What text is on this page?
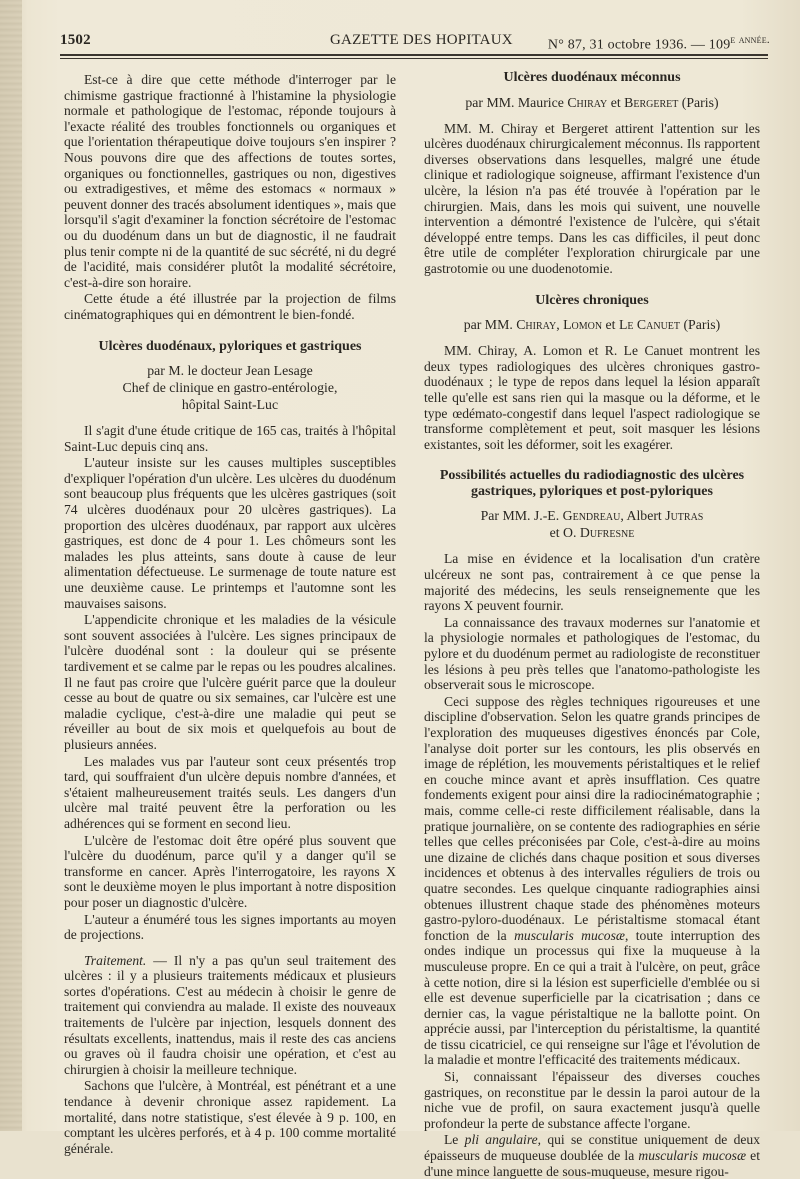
1502	GAZETTE DES HOPITAUX	N° 87, 31 octobre 1936. — $109^{e année.}$

Est-ce à dire que cette méthode d'interroger par le chimisme gastrique fractionné à l'histamine la physiologie normale et pathologique de l'estomac, réponde toujours à l'exacte réalité des troubles fonctionnels ou organiques et que l'orientation thérapeutique doive toujours s'en inspirer ? Nous pouvons dire que des affections de toutes sortes, organiques ou fonctionnelles, gastriques ou non, digestives ou extradigestives, et même des estomacs « normaux » peuvent donner des tracés absolument identiques », mais que lorsqu'il s'agit d'examiner la fonction sécrétoire de l'estomac ou du duodénum dans un but de diagnostic, il ne faudrait plus tenir compte ni de la quantité de suc sécrété, ni du degré de l'acidité, mais considérer plutôt la modalité sécrétoire, c'est-à-dire son horaire.

Cette étude a été illustrée par la projection de films cinématographiques qui en démontrent le bien-fondé.

Ulcères duodénaux, pyloriques et gastriques
par M. le docteur Jean Lesage
Chef de clinique en gastro-entérologie,
hôpital Saint-Luc

Il s'agit d'une étude critique de 165 cas, traités à l'hôpital Saint-Luc depuis cinq ans.

L'auteur insiste sur les causes multiples susceptibles d'expliquer l'opération d'un ulcère. Les ulcères du duodénum sont beaucoup plus fréquents que les ulcères gastriques (soit 74 ulcères duodénaux pour 20 ulcères gastriques). La proportion des ulcères duodénaux, par rapport aux ulcères gastriques, est donc de 4 pour 1. Les chômeurs sont les malades les plus atteints, sans doute à cause de leur alimentation défectueuse. Le surmenage de toute nature est une deuxième cause. Le printemps et l'automne sont les mauvaises saisons.

L'appendicite chronique et les maladies de la vésicule sont souvent associées à l'ulcère. Les signes principaux de l'ulcère duodénal sont : la douleur qui se présente tardivement et se calme par le repas ou les poudres alcalines. Il ne faut pas croire que l'ulcère guérit parce que la douleur cesse au bout de quatre ou six semaines, car l'ulcère est une maladie cyclique, c'est-à-dire une maladie qui peut se réveiller au bout de six mois et quelquefois au bout de plusieurs années.

Les malades vus par l'auteur sont ceux présentés trop tard, qui souffraient d'un ulcère depuis nombre d'années, et s'étaient malheureusement traités seuls. Les dangers d'un ulcère mal traité peuvent être la perforation ou les adhérences qui se forment en second lieu.

L'ulcère de l'estomac doit être opéré plus souvent que l'ulcère du duodénum, parce qu'il y a danger qu'il se transforme en cancer. Après l'interrogatoire, les rayons X sont le deuxième moyen le plus important à notre disposition pour poser un diagnostic d'ulcère.

L'auteur a énuméré tous les signes importants au moyen de projections.

Traitement. — Il n'y a pas qu'un seul traitement des ulcères : il y a plusieurs traitements médicaux et plusieurs sortes d'opérations. C'est au médecin à choisir le genre de traitement qui conviendra au malade. Il existe des nouveaux traitements de l'ulcère par injection, lesquels donnent des résultats excellents, inattendus, mais il reste des cas anciens ou graves où il faudra choisir une opération, et c'est au chirurgien à choisir la meilleure technique.

Sachons que l'ulcère, à Montréal, est pénétrant et a une tendance à devenir chronique assez rapidement. La mortalité, dans notre statistique, s'est élevée à 9 p. 100, en comptant les ulcères perforés, et à 4 p. 100 comme mortalité générale.

Ulcères duodénaux méconnus
par MM. Maurice Chiray et Bergeret (Paris)

MM. M. Chiray et Bergeret attirent l'attention sur les ulcères duodénaux chirurgicalement méconnus. Ils rapportent diverses observations dans lesquelles, malgré une étude clinique et radiologique soigneuse, affirmant l'existence d'un ulcère, la lésion n'a pas été trouvée à l'opération par le chirurgien. Mais, dans les mois qui suivent, une nouvelle intervention a démontré l'existence de l'ulcère, qui s'était développé entre temps. Dans les cas difficiles, il peut donc être utile de compléter l'exploration chirurgicale par une gastrotomie ou une duodenotomie.

Ulcères chroniques
par MM. Chiray, Lomon et Le Canuet (Paris)

MM. Chiray, A. Lomon et R. Le Canuet montrent les deux types radiologiques des ulcères chroniques gastro-duodénaux ; le type de repos dans lequel la lésion apparaît telle qu'elle est sans rien qui la masque ou la déforme, et le type œdémato-congestif dans lequel l'aspect radiologique se transforme complètement et peut, soit masquer les lésions existantes, soit les déformer, soit les exagérer.

Possibilités actuelles du radiodiagnostic des ulcères gastriques, pyloriques et post-pyloriques
Par MM. J.-E. Gendreau, Albert Jutras
et O. Dufresne

La mise en évidence et la localisation d'un cratère ulcéreux ne sont pas, contrairement à ce que pense la majorité des médecins, les seuls renseignemente que les rayons X peuvent fournir.

La connaissance des travaux modernes sur l'anatomie et la physiologie normales et pathologiques de l'estomac, du pylore et du duodénum permet au radiologiste de reconstituer les lésions à peu près telles que l'anatomo-pathologiste les observerait sous le microscope.

Ceci suppose des règles techniques rigoureuses et une discipline d'observation. Selon les quatre grands principes de l'exploration des muqueuses digestives énoncés par Cole, l'analyse doit porter sur les contours, les plis observés en image de réplétion, les mouvements péristaltiques et le relief en couche mince avant et après insufflation. Ces quatre fondements exigent pour ainsi dire la radiocinématographie ; mais, comme celle-ci reste difficilement réalisable, dans la pratique journalière, on se contente des radiographies en série telles que celles préconisées par Cole, c'est-à-dire au moins une dizaine de clichés dans chaque position et sous diverses incidences et obtenus à des intervalles réguliers de trois ou quatre secondes. Les quelque cinquante radiographies ainsi obtenues illustrent chaque stade des phénomènes moteurs gastro-pyloro-duodénaux. Le péristaltisme stomacal étant fonction de la muscularis mucosæ, toute interruption des ondes indique un processus qui fixe la muqueuse à la musculeuse propre. En ce qui a trait à l'ulcère, on peut, grâce à cette notion, dire si la lésion est superficielle d'emblée ou si elle est devenue superficielle par la cicatrisation ; dans ce dernier cas, la vague péristaltique ne la ballotte point. On apprécie aussi, par l'interception du péristaltisme, la quantité de tissu cicatriciel, ce qui renseigne sur l'âge et l'évolution de la maladie et montre l'efficacité des traitements médicaux.

Si, connaissant l'épaisseur des diverses couches gastriques, on reconstitue par le dessin la paroi autour de la niche vue de profil, on saura exactement jusqu'à quelle profondeur la perte de substance affecte l'organe.

Le pli angulaire, qui se constitue uniquement de deux épaisseurs de muqueuse doublée de la muscularis mucosæ et d'une mince languette de sous-muqueuse, mesure rigou-
